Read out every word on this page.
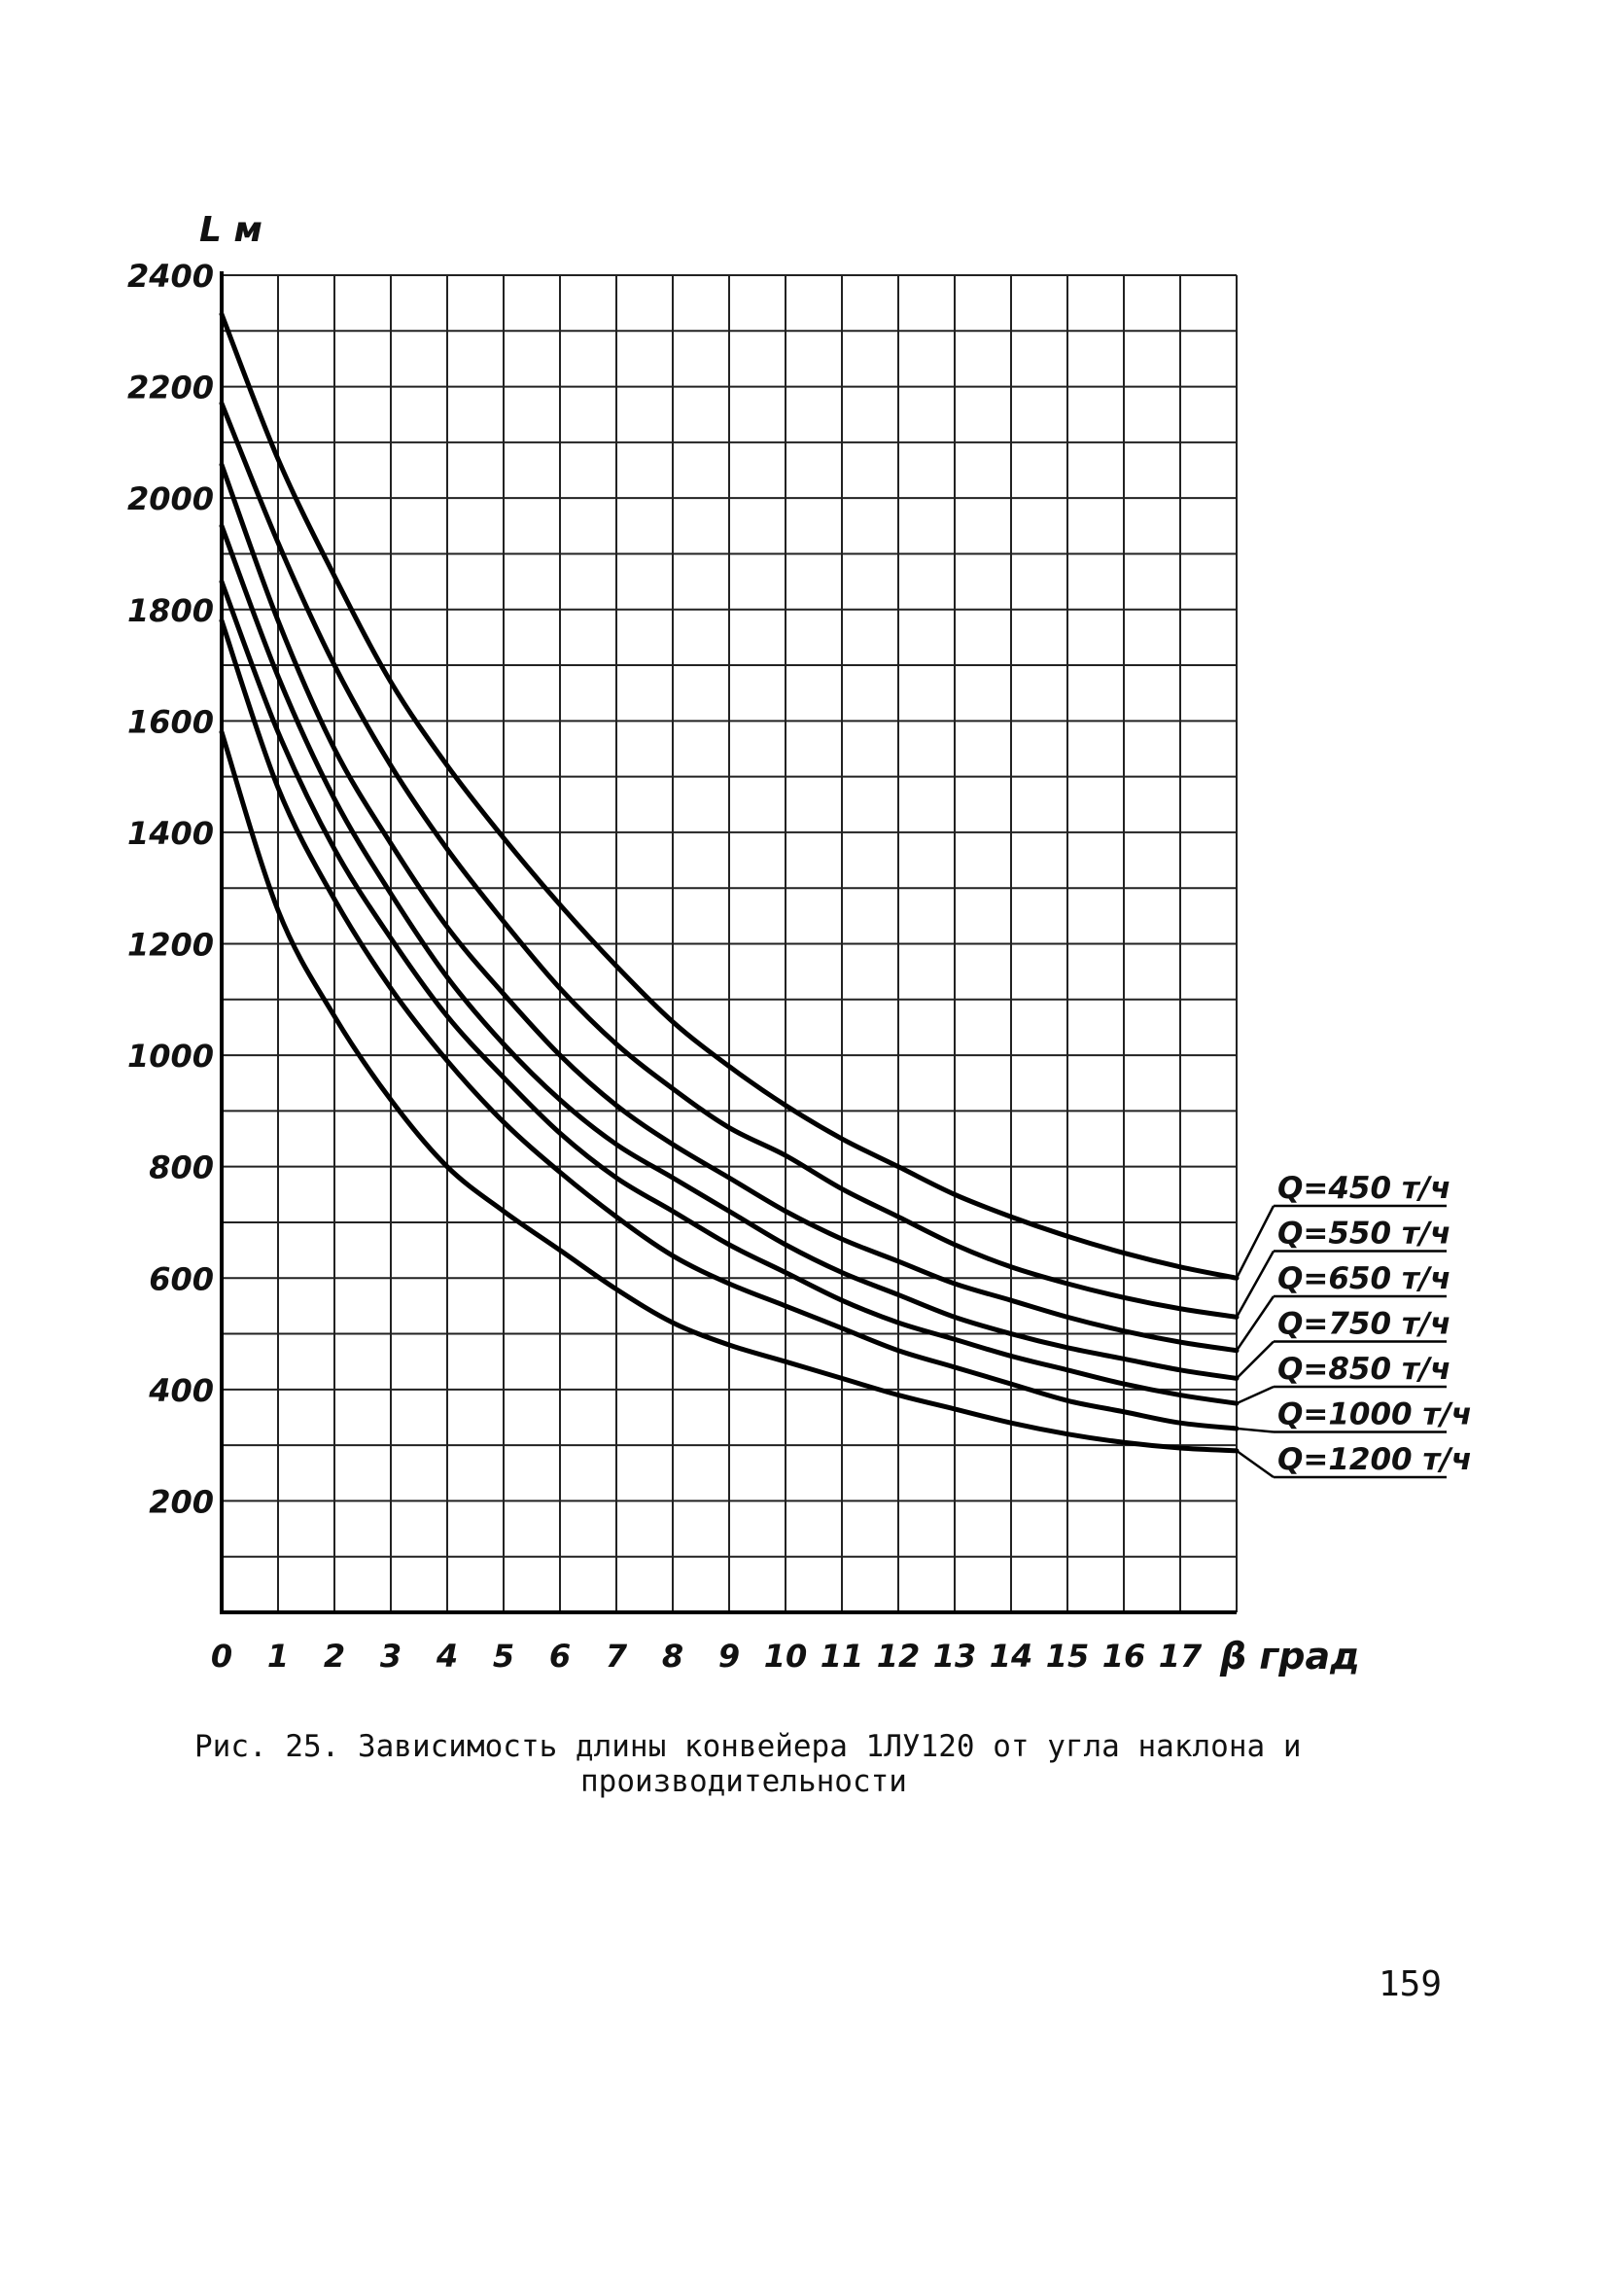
200
400
600
800
1000
1200
1400
1600
1800
2000
2200
2400
0 1 2 3 4 5 6 7 8 9 10 11 12 13 14 15 16 17
L м
β град
Q=450 т/ч
Q=550 т/ч
Q=650 т/ч
Q=750 т/ч
Q=850 т/ч
Q=1000 т/ч
Q=1200 т/ч
Рис. 25. Зависимость длины конвейера 1ЛУ120 от угла наклона и
производительности
159
